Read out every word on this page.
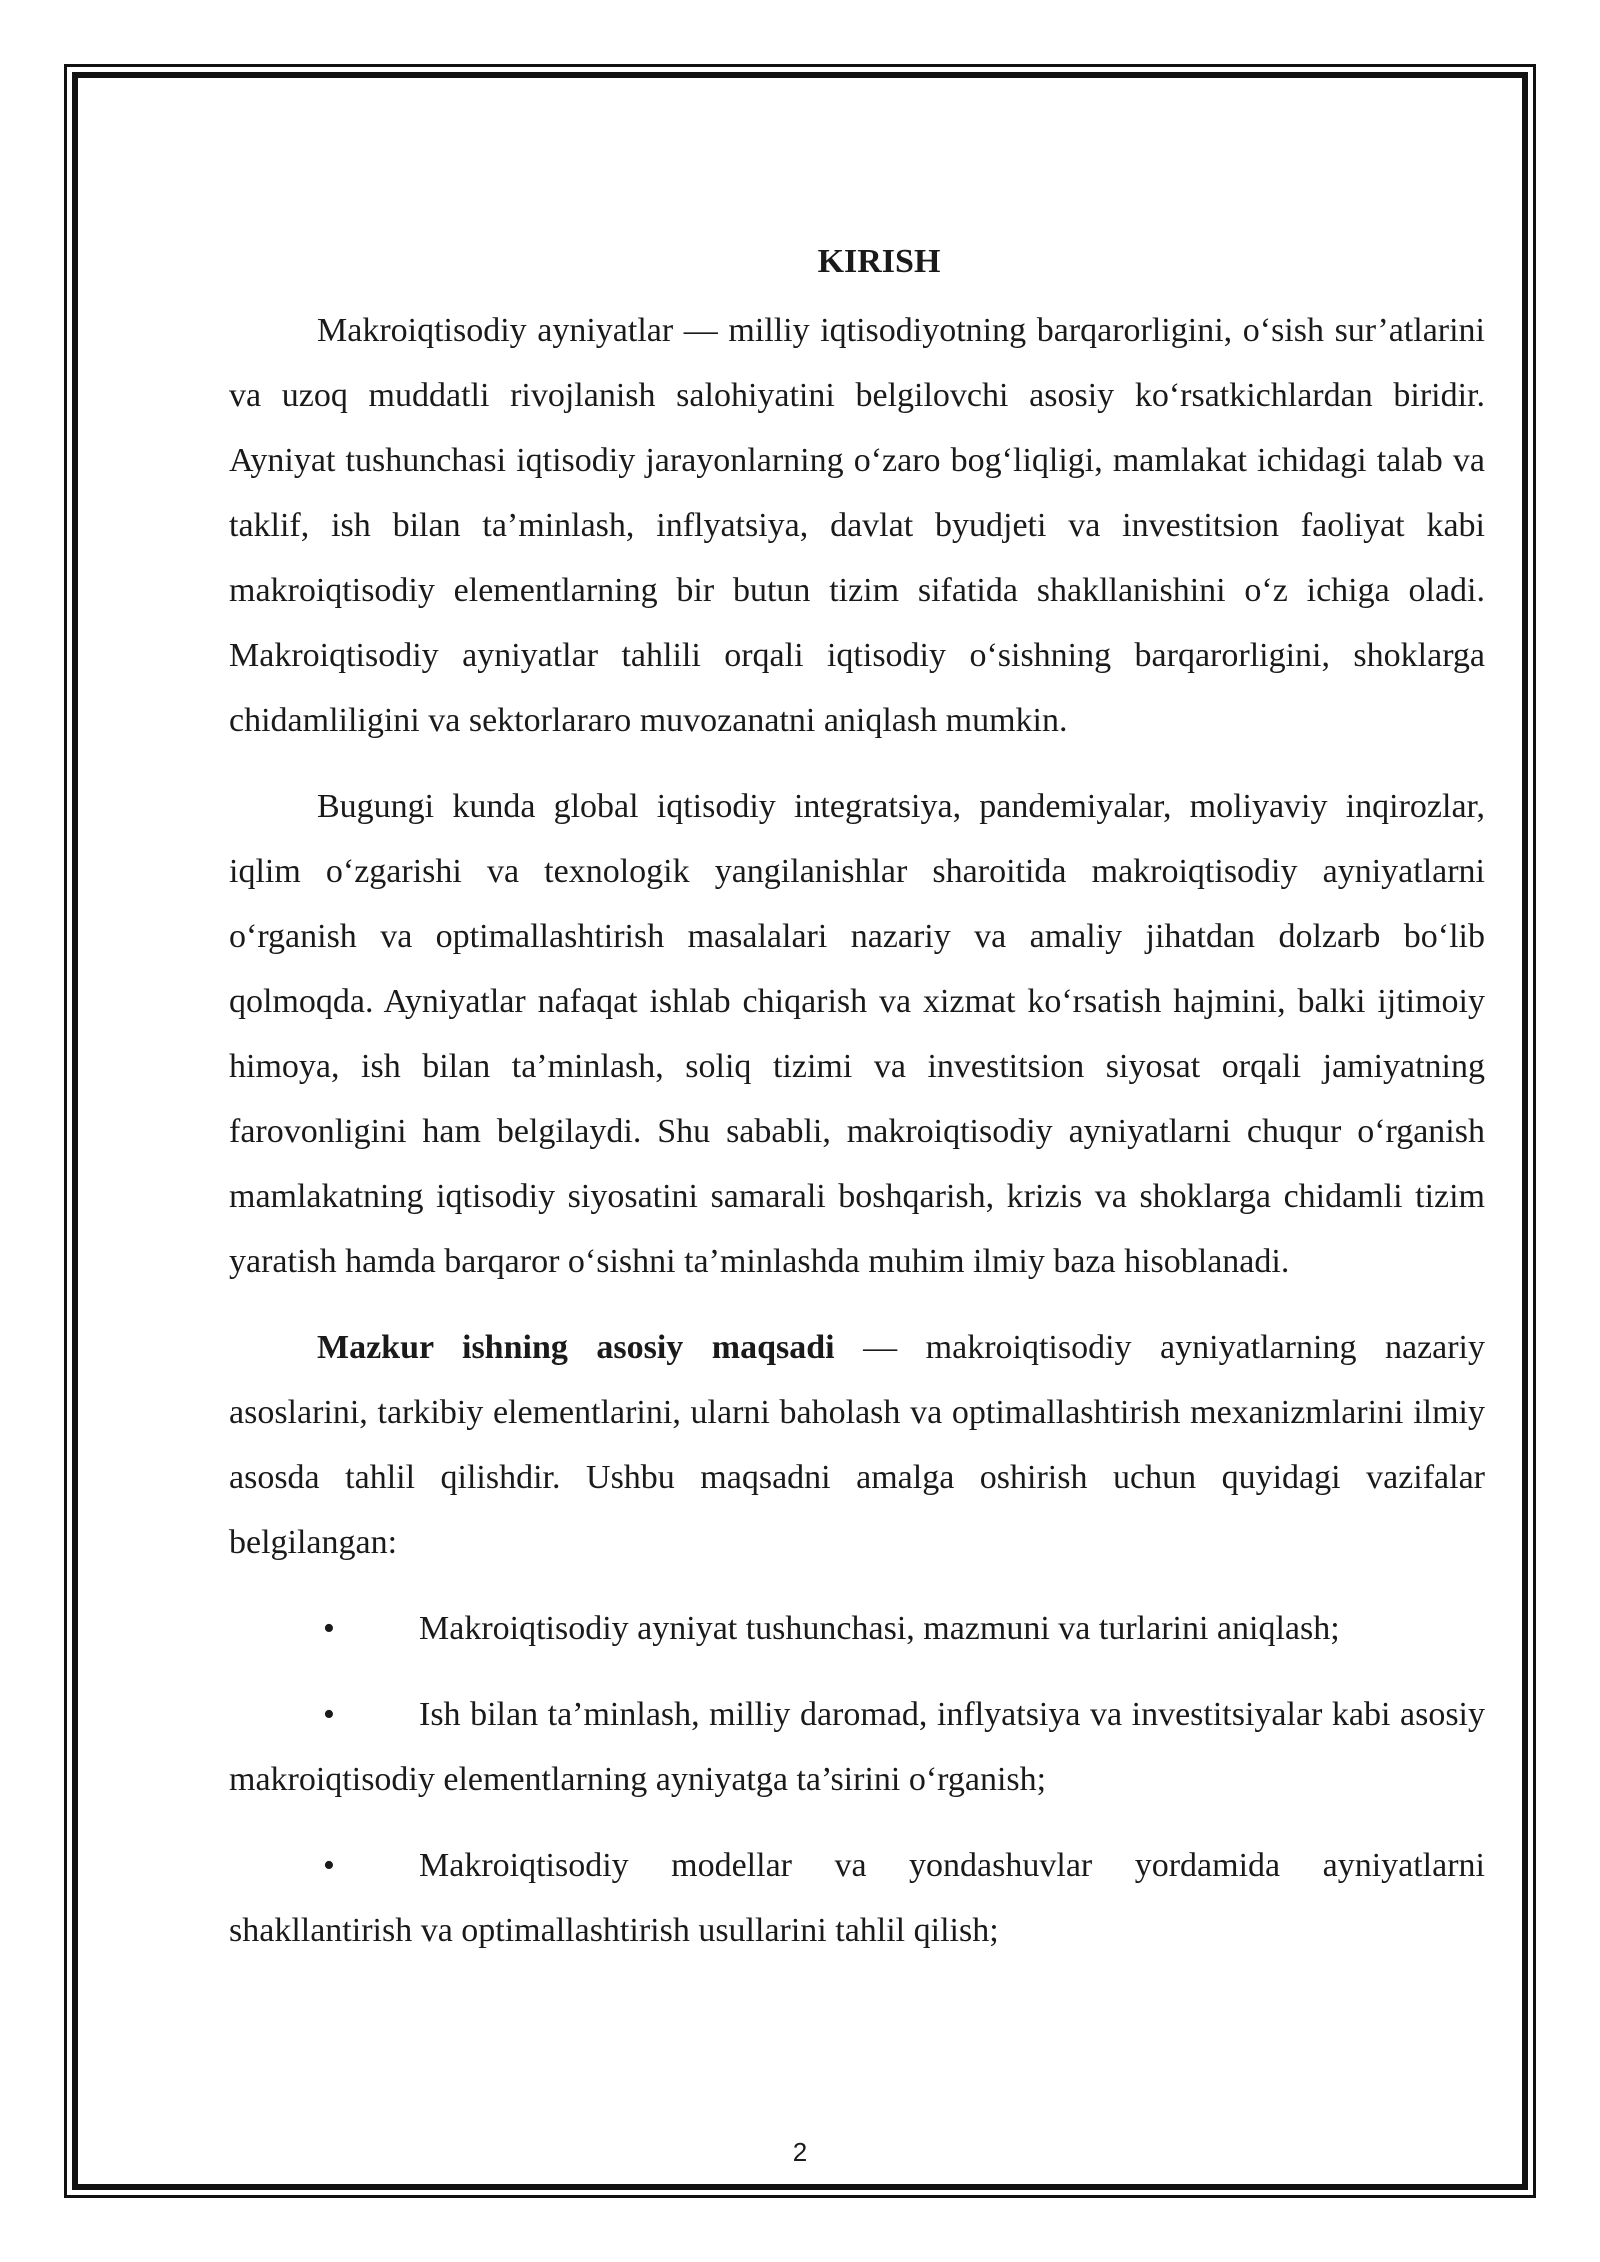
KIRISH

Makroiqtisodiy ayniyatlar — milliy iqtisodiyotning barqarorligini, o‘sish sur’atlarini va uzoq muddatli rivojlanish salohiyatini belgilovchi asosiy ko‘rsatkichlardan biridir. Ayniyat tushunchasi iqtisodiy jarayonlarning o‘zaro bog‘liqligi, mamlakat ichidagi talab va taklif, ish bilan ta’minlash, inflyatsiya, davlat byudjeti va investitsion faoliyat kabi makroiqtisodiy elementlarning bir butun tizim sifatida shakllanishini o‘z ichiga oladi. Makroiqtisodiy ayniyatlar tahlili orqali iqtisodiy o‘sishning barqarorligini, shoklarga chidamliligini va sektorlararo muvozanatni aniqlash mumkin.

Bugungi kunda global iqtisodiy integratsiya, pandemiyalar, moliyaviy inqirozlar, iqlim o‘zgarishi va texnologik yangilanishlar sharoitida makroiqtisodiy ayniyatlarni o‘rganish va optimallashtirish masalalari nazariy va amaliy jihatdan dolzarb bo‘lib qolmoqda. Ayniyatlar nafaqat ishlab chiqarish va xizmat ko‘rsatish hajmini, balki ijtimoiy himoya, ish bilan ta’minlash, soliq tizimi va investitsion siyosat orqali jamiyatning farovonligini ham belgilaydi. Shu sababli, makroiqtisodiy ayniyatlarni chuqur o‘rganish mamlakatning iqtisodiy siyosatini samarali boshqarish, krizis va shoklarga chidamli tizim yaratish hamda barqaror o‘sishni ta’minlashda muhim ilmiy baza hisoblanadi.

Mazkur ishning asosiy maqsadi — makroiqtisodiy ayniyatlarning nazariy asoslarini, tarkibiy elementlarini, ularni baholash va optimallashtirish mexanizmlarini ilmiy asosda tahlil qilishdir. Ushbu maqsadni amalga oshirish uchun quyidagi vazifalar belgilangan:

• Makroiqtisodiy ayniyat tushunchasi, mazmuni va turlarini aniqlash;

• Ish bilan ta’minlash, milliy daromad, inflyatsiya va investitsiyalar kabi asosiy makroiqtisodiy elementlarning ayniyatga ta’sirini o‘rganish;

• Makroiqtisodiy modellar va yondashuvlar yordamida ayniyatlarni shakllantirish va optimallashtirish usullarini tahlil qilish;

2
